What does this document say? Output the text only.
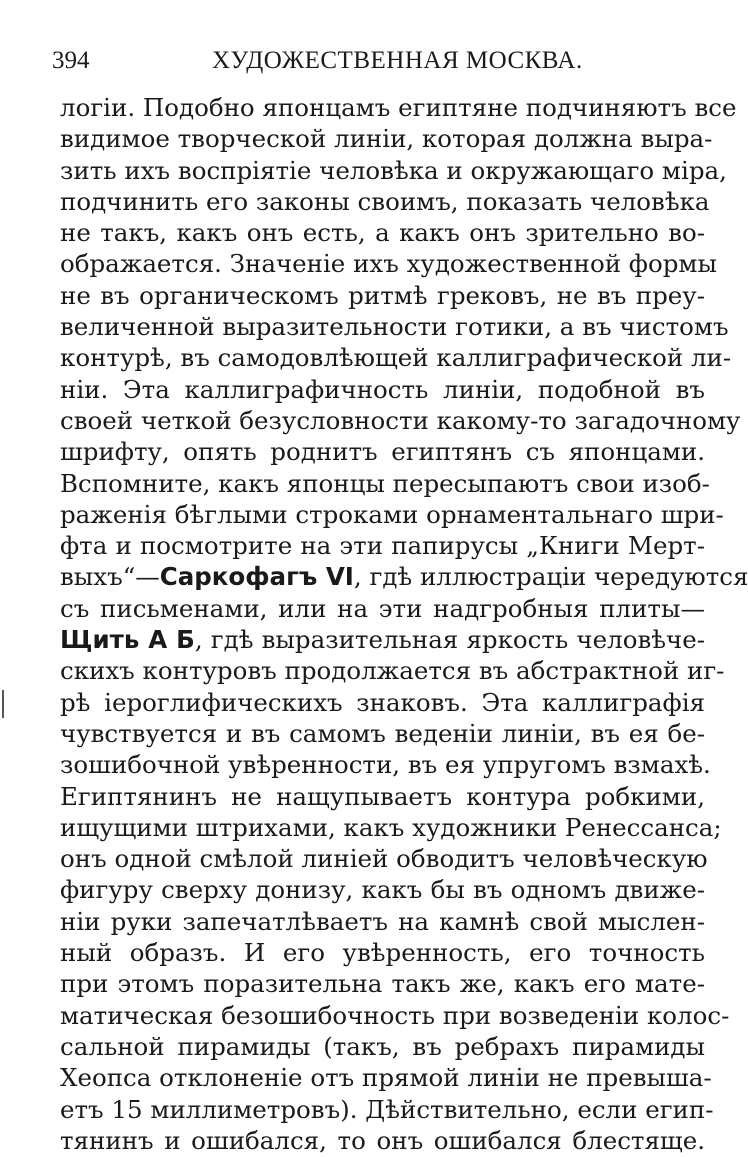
394	ХУДОЖЕСТВЕННАЯ МОСКВА.
логіи. Подобно японцамъ египтяне подчиняютъ все
видимое творческой линіи, которая должна выра-
зить ихъ воспріятіе человѣка и окружающаго міра,
подчинить его законы своимъ, показать человѣка
не такъ, какъ онъ есть, а какъ онъ зрительно во-
ображается. Значеніе ихъ художественной формы
не въ органическомъ ритмѣ грековъ, не въ преу-
величенной выразительности готики, а въ чистомъ
контурѣ, въ самодовлѣющей каллиграфической ли-
ніи. Эта каллиграфичность линіи, подобной въ
своей четкой безусловности какому-то загадочному
шрифту, опять роднитъ египтянъ съ японцами.
Вспомните, какъ японцы пересыпаютъ свои изоб-
раженія бѣглыми строками орнаментальнаго шри-
фта и посмотрите на эти папирусы „Книги Мерт-
выхъ“—Саркофагъ VI, гдѣ иллюстраціи чередуются
съ письменами, или на эти надгробныя плиты—
Щить А Б, гдѣ выразительная яркость человѣче-
скихъ контуровъ продолжается въ абстрактной иг-
рѣ іероглифическихъ знаковъ. Эта каллиграфія
чувствуется и въ самомъ веденіи линіи, въ ея бе-
зошибочной увѣренности, въ ея упругомъ взмахѣ.
Египтянинъ не нащупываетъ контура робкими,
ищущими штрихами, какъ художники Ренессанса;
онъ одной смѣлой линіей обводитъ человѣческую
фигуру сверху донизу, какъ бы въ одномъ движе-
ніи руки запечатлѣваетъ на камнѣ свой мыслен-
ный образъ. И его увѣренность, его точность
при этомъ поразительна такъ же, какъ его мате-
матическая безошибочность при возведеніи колос-
сальной пирамиды (такъ, въ ребрахъ пирамиды
Хеопса отклоненіе отъ прямой линіи не превыша-
етъ 15 миллиметровъ). Дѣйствительно, если егип-
тянинъ и ошибался, то онъ ошибался блестяще.
